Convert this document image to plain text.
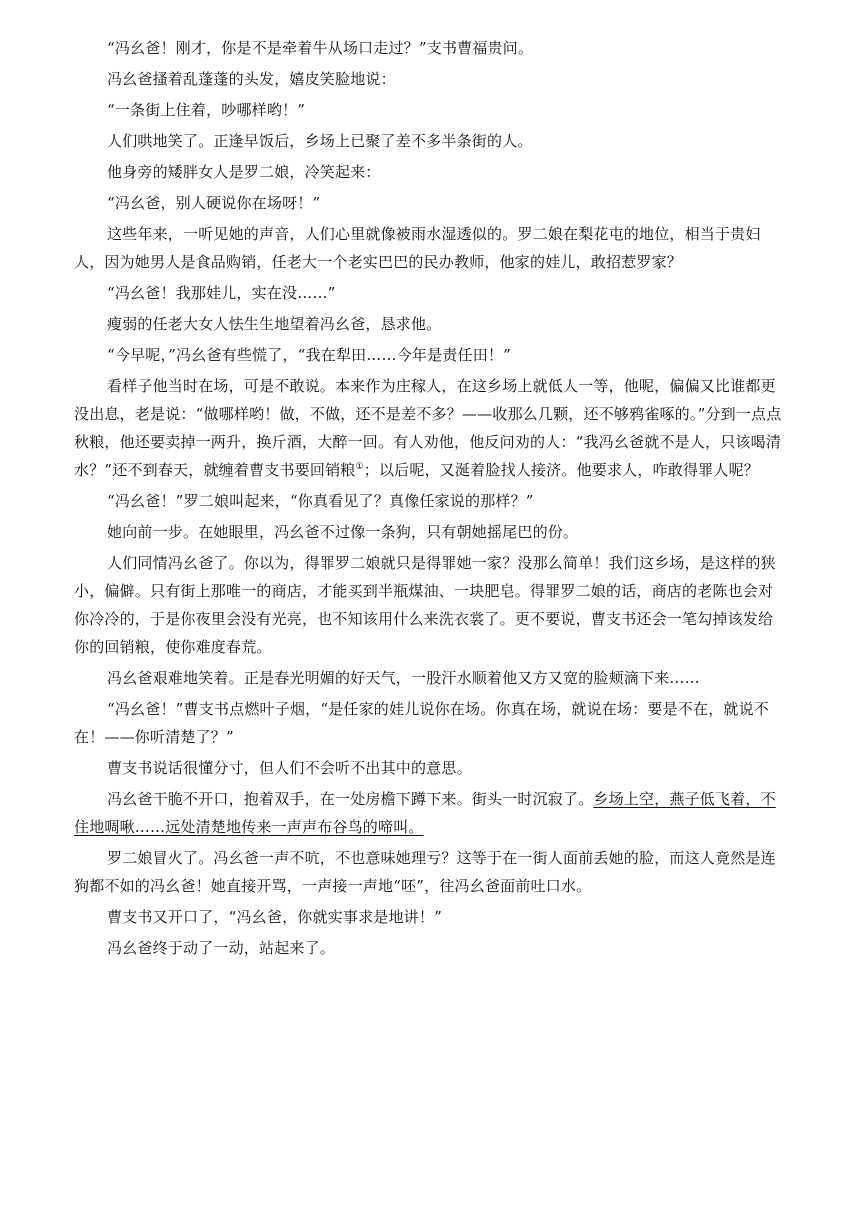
“冯幺爸！刚才，你是不是牵着牛从场口走过？”支书曹福贵问。

冯幺爸搔着乱蓬蓬的头发，嬉皮笑脸地说：

“一条街上住着，吵哪样哟！”

人们哄地笑了。正逢早饭后，乡场上已聚了差不多半条街的人。

他身旁的矮胖女人是罗二娘，冷笑起来：

“冯幺爸，别人硬说你在场呀！”

这些年来，一听见她的声音，人们心里就像被雨水湿透似的。罗二娘在梨花屯的地位，相当于贵妇人，因为她男人是食品购销，任老大一个老实巴巴的民办教师，他家的娃儿，敢招惹罗家？

“冯幺爸！我那娃儿，实在没……”

瘦弱的任老大女人怯生生地望着冯幺爸，恳求他。

“今早呢，”冯幺爸有些慌了，“我在犁田……今年是责任田！”

看样子他当时在场，可是不敢说。本来作为庄稼人，在这乡场上就低人一等，他呢，偏偏又比谁都更没出息，老是说：“做哪样哟！做，不做，还不是差不多？——收那么几颗，还不够鸦雀啄的。”分到一点点秋粮，他还要卖掉一两升，换斤酒，大醉一回。有人劝他，他反问劝的人：“我冯幺爸就不是人，只该喝清水？”还不到春天，就缠着曹支书要回销粮①；以后呢，又涎着脸找人接济。他要求人，咋敢得罪人呢？

“冯幺爸！”罗二娘叫起来，“你真看见了？真像任家说的那样？”

她向前一步。在她眼里，冯幺爸不过像一条狗，只有朝她摇尾巴的份。

人们同情冯幺爸了。你以为，得罪罗二娘就只是得罪她一家？没那么简单！我们这乡场，是这样的狭小，偏僻。只有街上那唯一的商店，才能买到半瓶煤油、一块肥皂。得罪罗二娘的话，商店的老陈也会对你冷冷的，于是你夜里会没有光亮，也不知该用什么来洗衣裳了。更不要说，曹支书还会一笔勾掉该发给你的回销粮，使你难度春荒。

冯幺爸艰难地笑着。正是春光明媚的好天气，一股汗水顺着他又方又宽的脸颊滴下来……

“冯幺爸！”曹支书点燃叶子烟，“是任家的娃儿说你在场。你真在场，就说在场：要是不在，就说不在！——你听清楚了？”

曹支书说话很懂分寸，但人们不会听不出其中的意思。

冯幺爸干脆不开口，抱着双手，在一处房檐下蹲下来。街头一时沉寂了。乡场上空，燕子低飞着，不住地啁啾……远处清楚地传来一声声布谷鸟的啼叫。

罗二娘冒火了。冯幺爸一声不吭，不也意味她理亏？这等于在一街人面前丢她的脸，而这人竟然是连狗都不如的冯幺爸！她直接开骂，一声接一声地“呸”，往冯幺爸面前吐口水。

曹支书又开口了，“冯幺爸，你就实事求是地讲！”

冯幺爸终于动了一动，站起来了。
